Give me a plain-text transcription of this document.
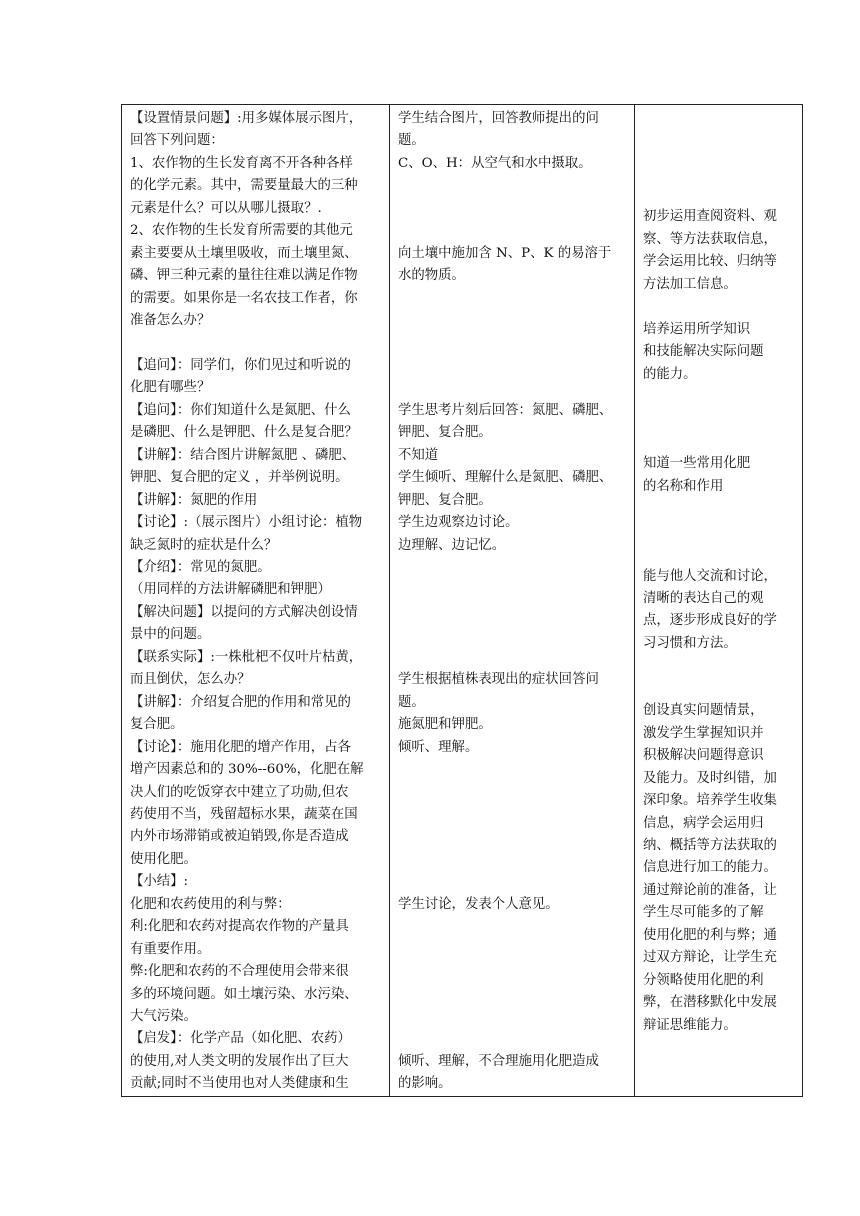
【设置情景问题】:用多媒体展示图片，
回答下列问题：
1、农作物的生长发育离不开各种各样
的化学元素。其中，需要量最大的三种
元素是什么？可以从哪儿摄取？.
2、农作物的生长发育所需要的其他元
素主要要从土壤里吸收，而土壤里氮、
磷、钾三种元素的量往往难以满足作物
的需要。如果你是一名农技工作者，你
准备怎么办？
【追问】：同学们，你们见过和听说的
化肥有哪些？
【追问】：你们知道什么是氮肥、什么
是磷肥、什么是钾肥、什么是复合肥？
【讲解】：结合图片讲解氮肥 、磷肥、
钾肥、复合肥的定义 ，并举例说明。
【讲解】：氮肥的作用
【讨论】:（展示图片）小组讨论：植物
缺乏氮时的症状是什么？
【介绍】：常见的氮肥。
（用同样的方法讲解磷肥和钾肥）
【解决问题】以提问的方式解决创设情
景中的问题。
【联系实际】:一株枇杷不仅叶片枯黄，
而且倒伏，怎么办？
【讲解】：介绍复合肥的作用和常见的
复合肥。
【讨论】：施用化肥的增产作用，占各
增产因素总和的 30%--60%，化肥在解
决人们的吃饭穿衣中建立了功勋,但农
药使用不当，残留超标水果，蔬菜在国
内外市场滞销或被迫销毁,你是否造成
使用化肥。
【小结】:
化肥和农药使用的利与弊：
利:化肥和农药对提高农作物的产量具
有重要作用。
弊:化肥和农药的不合理使用会带来很
多的环境问题。如土壤污染、水污染、
大气污染。
【启发】：化学产品（如化肥、农药）
的使用,对人类文明的发展作出了巨大
贡献;同时不当使用也对人类健康和生
学生结合图片，回答教师提出的问
题。
C、O、H：从空气和水中摄取。
向土壤中施加含 N、P、K 的易溶于
水的物质。
学生思考片刻后回答：氮肥、磷肥、
钾肥、复合肥。
不知道
学生倾听、理解什么是氮肥、磷肥、
钾肥、复合肥。
学生边观察边讨论。
边理解、边记忆。
学生根据植株表现出的症状回答问
题。
施氮肥和钾肥。
倾听、理解。
学生讨论，发表个人意见。
倾听、理解，不合理施用化肥造成
的影响。
初步运用查阅资料、观
察、等方法获取信息，
学会运用比较、归纳等
方法加工信息。
培养运用所学知识
和技能解决实际问题
的能力。
知道一些常用化肥
的名称和作用
能与他人交流和讨论，
清晰的表达自己的观
点，逐步形成良好的学
习习惯和方法。
创设真实问题情景，
激发学生掌握知识并
积极解决问题得意识
及能力。及时纠错，加
深印象。培养学生收集
信息，病学会运用归
纳、概括等方法获取的
信息进行加工的能力。
通过辩论前的准备，让
学生尽可能多的了解
使用化肥的利与弊；通
过双方辩论，让学生充
分领略使用化肥的利
弊，在潜移默化中发展
辩证思维能力。
